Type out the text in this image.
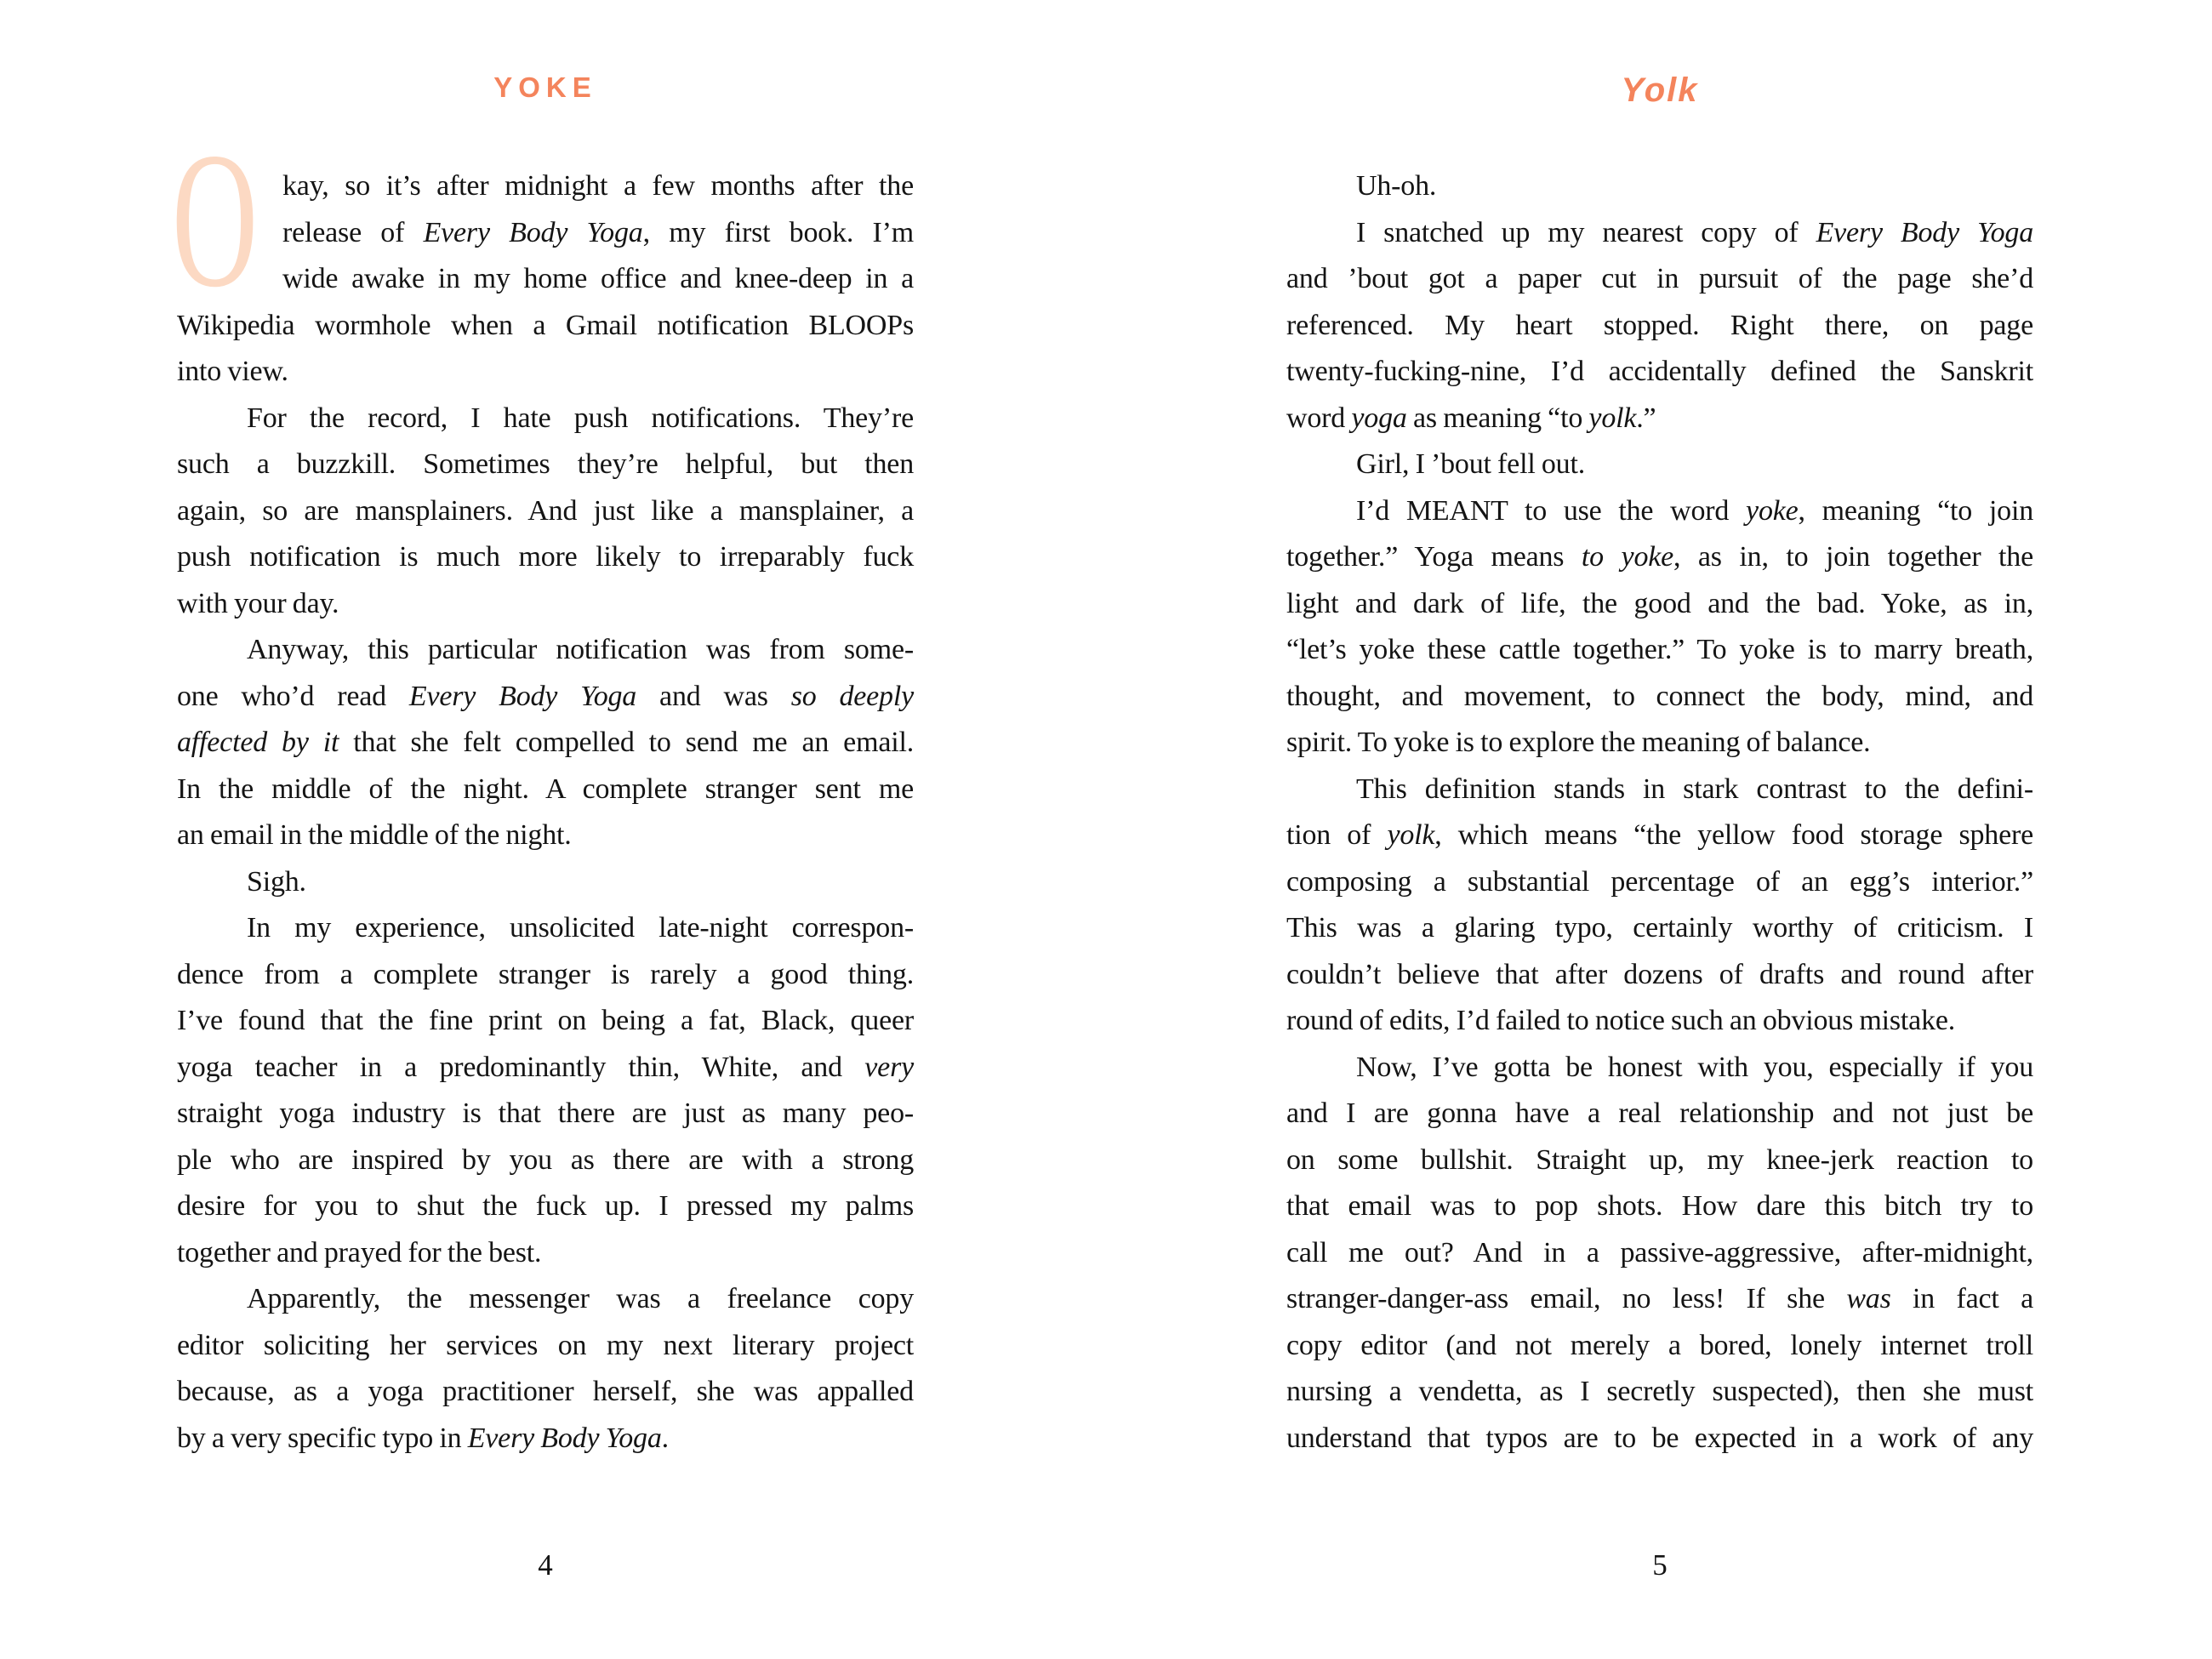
YOKE	Yolk
O kay, so it’s after midnight a few months after the
release of Every Body Yoga, my first book. I’m
wide awake in my home office and knee-deep in a
Wikipedia wormhole when a Gmail notification BLOOPs
into view.
For the record, I hate push notifications. They’re
such a buzzkill. Sometimes they’re helpful, but then
again, so are mansplainers. And just like a mansplainer, a
push notification is much more likely to irreparably fuck
with your day.
Anyway, this particular notification was from some-
one who’d read Every Body Yoga and was so deeply
affected by it that she felt compelled to send me an email.
In the middle of the night. A complete stranger sent me
an email in the middle of the night.
Sigh.
In my experience, unsolicited late-night correspon-
dence from a complete stranger is rarely a good thing.
I’ve found that the fine print on being a fat, Black, queer
yoga teacher in a predominantly thin, White, and very
straight yoga industry is that there are just as many peo-
ple who are inspired by you as there are with a strong
desire for you to shut the fuck up. I pressed my palms
together and prayed for the best.
Apparently, the messenger was a freelance copy
editor soliciting her services on my next literary project
because, as a yoga practitioner herself, she was appalled
by a very specific typo in Every Body Yoga.
Uh-oh.
I snatched up my nearest copy of Every Body Yoga
and ’bout got a paper cut in pursuit of the page she’d
referenced. My heart stopped. Right there, on page
twenty-fucking-nine, I’d accidentally defined the Sanskrit
word yoga as meaning “to yolk.”
Girl, I ’bout fell out.
I’d MEANT to use the word yoke, meaning “to join
together.” Yoga means to yoke, as in, to join together the
light and dark of life, the good and the bad. Yoke, as in,
“let’s yoke these cattle together.” To yoke is to marry breath,
thought, and movement, to connect the body, mind, and
spirit. To yoke is to explore the meaning of balance.
This definition stands in stark contrast to the defini-
tion of yolk, which means “the yellow food storage sphere
composing a substantial percentage of an egg’s interior.”
This was a glaring typo, certainly worthy of criticism. I
couldn’t believe that after dozens of drafts and round after
round of edits, I’d failed to notice such an obvious mistake.
Now, I’ve gotta be honest with you, especially if you
and I are gonna have a real relationship and not just be
on some bullshit. Straight up, my knee-jerk reaction to
that email was to pop shots. How dare this bitch try to
call me out? And in a passive-aggressive, after-midnight,
stranger-danger-ass email, no less! If she was in fact a
copy editor (and not merely a bored, lonely internet troll
nursing a vendetta, as I secretly suspected), then she must
understand that typos are to be expected in a work of any
4	5
